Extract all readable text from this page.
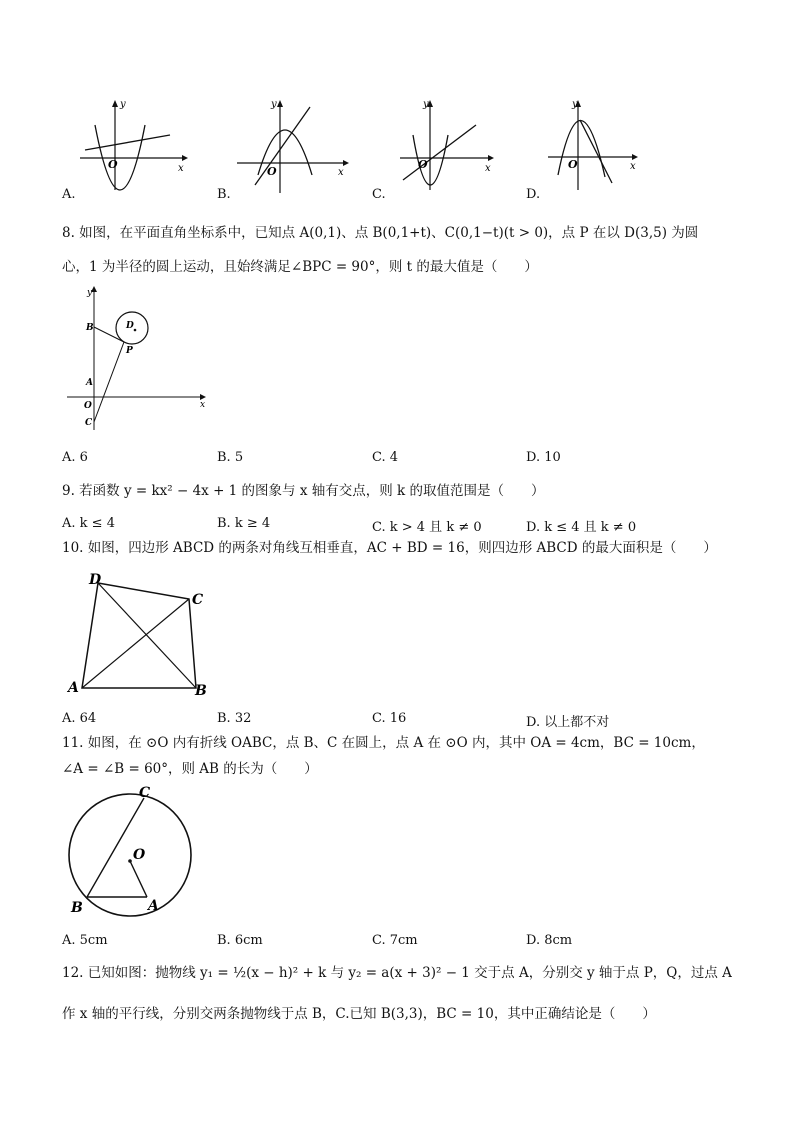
O
y
x	O
y
x
O
y
x	O
y
x
A.	B.	C.	D.
8. 如图，在平面直角坐标系中，已知点 A(0,1)、点 B(0,1+t)、C(0,1−t)(t > 0)，点 P 在以 D(3,5) 为圆
心，1 为半径的圆上运动，且始终满足∠BPC = 90°，则 t 的最大值是（　　）
y
B	D
P
A
O	x
C
A. 6	B. 5	C. 4	D. 10
9. 若函数 y = kx² − 4x + 1 的图象与 x 轴有交点，则 k 的取值范围是（　　）
A. k ≤ 4	B. k ≥ 4	C. k > 4 且 k ≠ 0	D. k ≤ 4 且 k ≠ 0
10. 如图，四边形 ABCD 的两条对角线互相垂直，AC + BD = 16，则四边形 ABCD 的最大面积是（　　）
D
C
A	B
A. 64	B. 32	C. 16	D. 以上都不对
11. 如图，在 ⊙O 内有折线 OABC，点 B、C 在圆上，点 A 在 ⊙O 内，其中 OA = 4cm，BC = 10cm，
∠A = ∠B = 60°，则 AB 的长为（　　）
C
O
B	A
A. 5cm	B. 6cm	C. 7cm	D. 8cm
12. 已知如图：抛物线 y₁ = ½(x − h)² + k 与 y₂ = a(x + 3)² − 1 交于点 A，分别交 y 轴于点 P，Q，过点 A
作 x 轴的平行线，分别交两条抛物线于点 B，C.已知 B(3,3)，BC = 10，其中正确结论是（　　）
